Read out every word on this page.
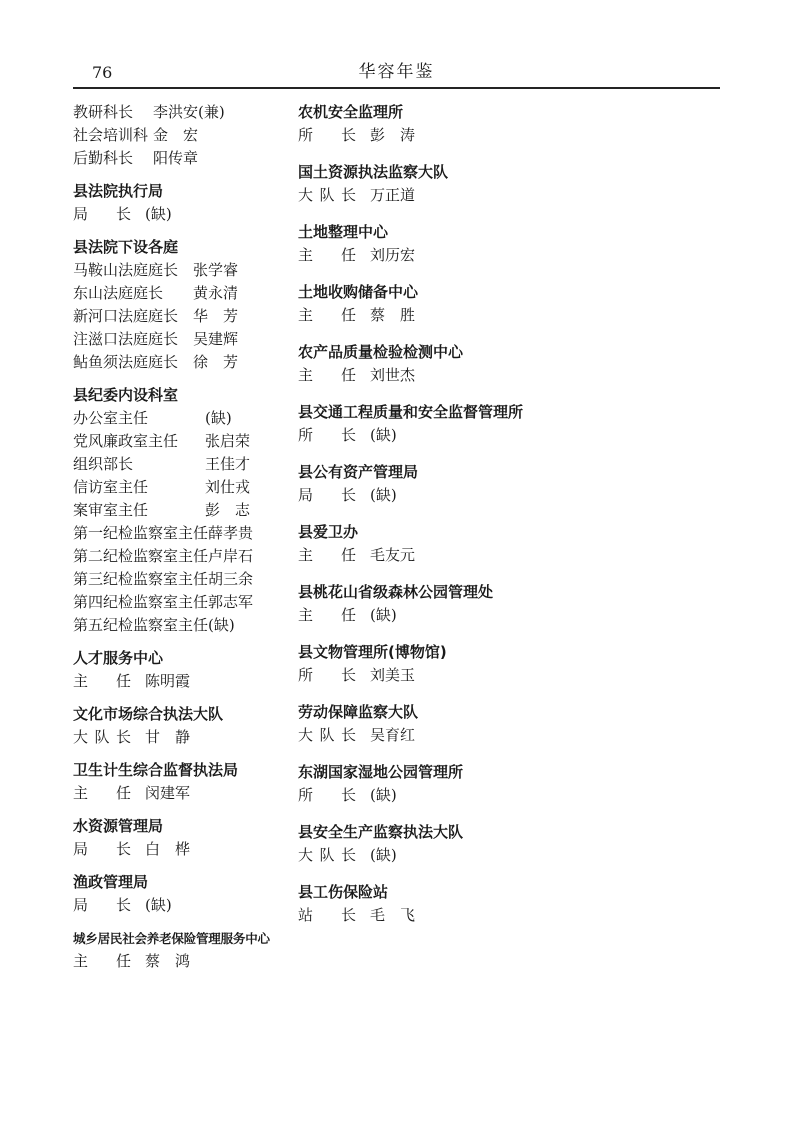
76	华容年鉴
教研科长 李洪安(兼)
社会培训科 金　宏
后勤科长 阳传章
县法院执行局
局 长 (缺)
县法院下设各庭
马鞍山法庭庭长 张学睿
东山法庭庭长 黄永清
新河口法庭庭长 华　芳
注滋口法庭庭长 吴建辉
鲇鱼须法庭庭长 徐　芳
县纪委内设科室
办公室主任	(缺)
党风廉政室主任 张启荣
组织部长	王佳才
信访室主任	刘仕戎
案审室主任	彭　志
第一纪检监察室主任薛孝贵
第二纪检监察室主任卢岸石
第三纪检监察室主任胡三余
第四纪检监察室主任郭志军
第五纪检监察室主任(缺)
人才服务中心
主 任 陈明霞
文化市场综合执法大队
大 队 长 甘　静
卫生计生综合监督执法局
主 任 闵建军
水资源管理局
局 长 白　桦
渔政管理局
局 长 (缺)
城乡居民社会养老保险管理服务中心
主 任 蔡　鸿
农机安全监理所
所 长 彭　涛
国土资源执法监察大队
大 队 长 万正道
土地整理中心
主 任 刘历宏
土地收购储备中心
主 任 蔡　胜
农产品质量检验检测中心
主 任 刘世杰
县交通工程质量和安全监督管理所
所 长 (缺)
县公有资产管理局
局 长 (缺)
县爱卫办
主 任 毛友元
县桃花山省级森林公园管理处
主 任 (缺)
县文物管理所(博物馆)
所 长 刘美玉
劳动保障监察大队
大 队 长 吴育红
东湖国家湿地公园管理所
所 长 (缺)
县安全生产监察执法大队
大 队 长 (缺)
县工伤保险站
站 长 毛　飞
